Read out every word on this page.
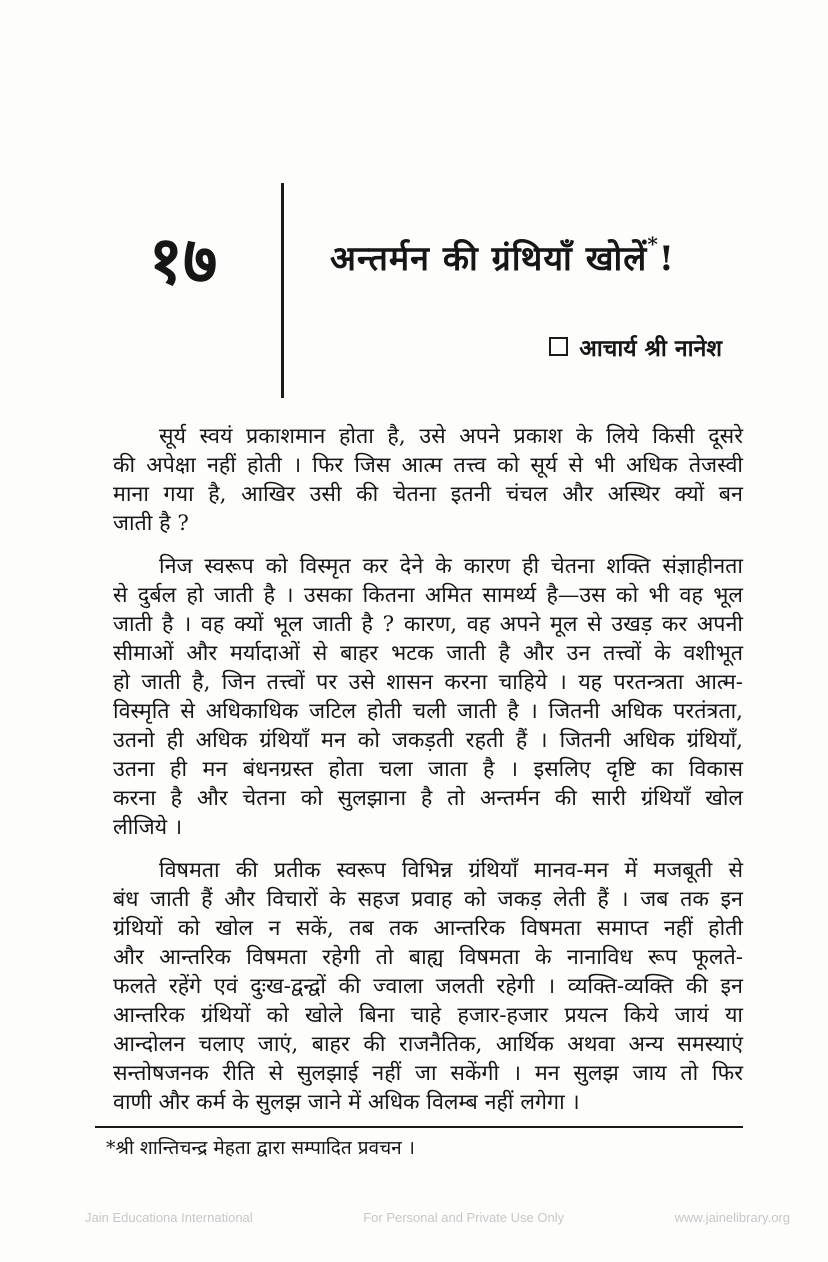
१७	अन्तर्मन की ग्रंथियाँ खोलें*!
आचार्य श्री नानेश
सूर्य स्वयं प्रकाशमान होता है, उसे अपने प्रकाश के लिये किसी दूसरे
की अपेक्षा नहीं होती । फिर जिस आत्म तत्त्व को सूर्य से भी अधिक तेजस्वी
माना गया है, आखिर उसी की चेतना इतनी चंचल और अस्थिर क्यों बन
जाती है ?
निज स्वरूप को विस्मृत कर देने के कारण ही चेतना शक्ति संज्ञाहीनता
से दुर्बल हो जाती है । उसका कितना अमित सामर्थ्य है—उस को भी वह भूल
जाती है । वह क्यों भूल जाती है ? कारण, वह अपने मूल से उखड़ कर अपनी
सीमाओं और मर्यादाओं से बाहर भटक जाती है और उन तत्त्वों के वशीभूत
हो जाती है, जिन तत्त्वों पर उसे शासन करना चाहिये । यह परतन्त्रता आत्म-
विस्मृति से अधिकाधिक जटिल होती चली जाती है । जितनी अधिक परतंत्रता,
उतनो ही अधिक ग्रंथियाँ मन को जकड़ती रहती हैं । जितनी अधिक ग्रंथियाँ,
उतना ही मन बंधनग्रस्त होता चला जाता है । इसलिए दृष्टि का विकास
करना है और चेतना को सुलझाना है तो अन्तर्मन की सारी ग्रंथियाँ खोल
लीजिये ।
विषमता की प्रतीक स्वरूप विभिन्न ग्रंथियाँ मानव-मन में मजबूती से
बंध जाती हैं और विचारों के सहज प्रवाह को जकड़ लेती हैं । जब तक इन
ग्रंथियों को खोल न सकें, तब तक आन्तरिक विषमता समाप्त नहीं होती
और आन्तरिक विषमता रहेगी तो बाह्य विषमता के नानाविध रूप फूलते-
फलते रहेंगे एवं दुःख-द्वन्द्वों की ज्वाला जलती रहेगी । व्यक्ति-व्यक्ति की इन
आन्तरिक ग्रंथियों को खोले बिना चाहे हजार-हजार प्रयत्न किये जायं या
आन्दोलन चलाए जाएं, बाहर की राजनैतिक, आर्थिक अथवा अन्य समस्याएं
सन्तोषजनक रीति से सुलझाई नहीं जा सकेंगी । मन सुलझ जाय तो फिर
वाणी और कर्म के सुलझ जाने में अधिक विलम्ब नहीं लगेगा ।
*श्री शान्तिचन्द्र मेहता द्वारा सम्पादित प्रवचन ।
Jain Educationa International	For Personal and Private Use Only	www.jainelibrary.org
